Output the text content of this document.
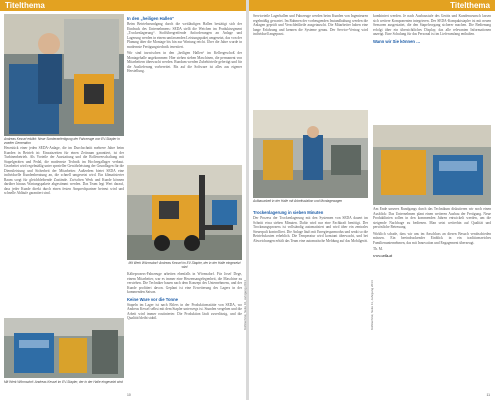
Titelthema
Andreas Kessel erklärt: Neue Sonderanfertigung der Fahrzeuge von EV-Stapler in zweiter Generation

Herzstück einer jeden SEDA-Anlage, die im Durchschnitt mehrere Jahre beim Kunden in Betrieb ist: Einsatzzeiten für einen Zeitraum garantiert, ist der Turbinenbetrieb. Als Vorteile der Ausstattung und die Rollenverschaltung mit Stapelgeräten und Pedal, die modernste Technik im Hochregallager verbaut. Gearbeitet wird regelmäßig unter spezieller Gewährleistung der Grundlagen für die Dienstleistung und Sicherheit der Mitarbeiter. Außerdem bietet SEDA eine individuelle Kundenberatung an, die schnell umgesetzt wird. Ein klimatisierter Raum sorgt für gleichbleibende Zustände. Zwischen Werk und Kunde können darüber hinaus Wartungspakete abgestimmt werden. Das Team legt Wert darauf, dass jeder Kunde direkt durch einen festen Ansprechpartner betreut wird und schnelle Abläufe garantiert sind.

Mit Werk Wörmsdorf: Andreas Kessel im EV-Stapler, der in der Halle eingesetzt wird
In den „heiligen Hallen“

Beim Betriebsrundgang durch die weitläufigen Hallen bestätigt sich der Eindruck des Unternehmens: SEDA stellt die Weichen im Produktsegment „Trockenlagerung“. Stoffübergreifende Anforderungen an Anlage und Lagerung werden in einem umfassenden Leistungspaket umgesetzt, das von der Planung über die Montage bis hin zur Wartung reicht. Über die Jahre wurde in modernste Fertigungstechnik investiert.

Wir sind inzwischen in den „heiligen Hallen“ im Kellergeschoß der Montagehalle angekommen: Hier stehen sieben Maschinen, die permanent von Mitarbeitern überwacht werden. Rundum werden Zubehörteile gefertigt und für die Auslieferung vorbereitet. Bis auf die Software ist alles aus eigener Herstellung.

Mit Werk Wörmsdorf: Andreas Kessel im EV-Stapler, der in der Halle eingesetzt wird

Kälteprozess-Fahrzeuge arbeiten ebenfalls in Wörmsdorf. Für Josef Dege, einem Mitarbeiter, war es immer eine Herzensangelegenheit, die Maschine zu verstehen. Die Techniker bauen nach dem Konzept des Unternehmens, und der Kunde profitiert davon. Geplant ist eine Erweiterung des Lagers in der kommenden Saison.

Keine Ware vor die Tonne

Stapeln im Lager ist nach Ehlers in der Produktionsstätte von SEDA, wo Andreas Kessel selbst mit dem Stapler unterwegs ist. Stunden vergehen und die Arbeit wird immer routinierter. Die Produktion läuft zuverlässig, und die Qualität bleibt stabil.	Kühltechnik, Seite 10, Jahrgang 2014
10
Titelthema

Serviceteile Lagerhallen und Fahrzeuge werden beim Kunden von Ingenieuren regelmäßig gewartet. Im Rahmen der vorbeugenden Instandhaltung werden die Anlagen geprüft und Verschleißteile ausgetauscht. Die Mitarbeiter haben eine lange Erfahrung und kennen die Systeme genau. Der Service-Vertrag wird individuell angepasst.

Aufbauarbeit in der Halle mit Arbeitsstation und Montagewagen
Trockenlagerung in sieben Minuten

Der Prozess der Trockenlagerung mit den Systemen von SEDA dauert im Schnitt etwa sieben Minuten. Dafür wird nur eine Fachkraft benötigt. Der Trocknungsprozess ist vollständig automatisiert und wird über ein zentrales Steuerpult kontrolliert. Die Anlage läuft mit Energiesparmodus und senkt so die Betriebskosten erheblich. Die Temperatur wird konstant überwacht, und bei Abweichungen erhält das Team eine automatische Meldung auf das Mobilgerät.

kombiniert werden. Je nach Ausbaustufe des Geräts und Kundenwunsch lassen sich weitere Komponenten integrieren. Der SEDA-Kompaktstapler ist mit neuen Sensoren ausgestattet, die den Stapelvorgang sicherer machen. Die Bedienung erfolgt über ein übersichtliches Display, das alle relevanten Informationen anzeigt. Eine Schulung für das Personal ist im Lieferumfang enthalten.

Wann wir Sie können …

Am Ende unseres Rundgangs durch das Technikum diskutieren wir noch einen Ausblick: Das Unternehmen plant einen weiteren Ausbau der Fertigung. Neue Produktlinien sollen in den kommenden Jahren entwickelt werden, um die steigende Nachfrage zu bedienen. Man setzt weiterhin auf Qualität und persönliche Betreuung.

Wirklich schade, dass wir uns im Anschluss an diesen Besuch verabschieden müssen. Ein beeindruckender Einblick in ein traditionsreiches Familienunternehmen, das mit Innovation und Engagement überzeugt.

Th. M.

www.seda.at

Kühltechnik, Seite 11, Jahrgang 2014
11
